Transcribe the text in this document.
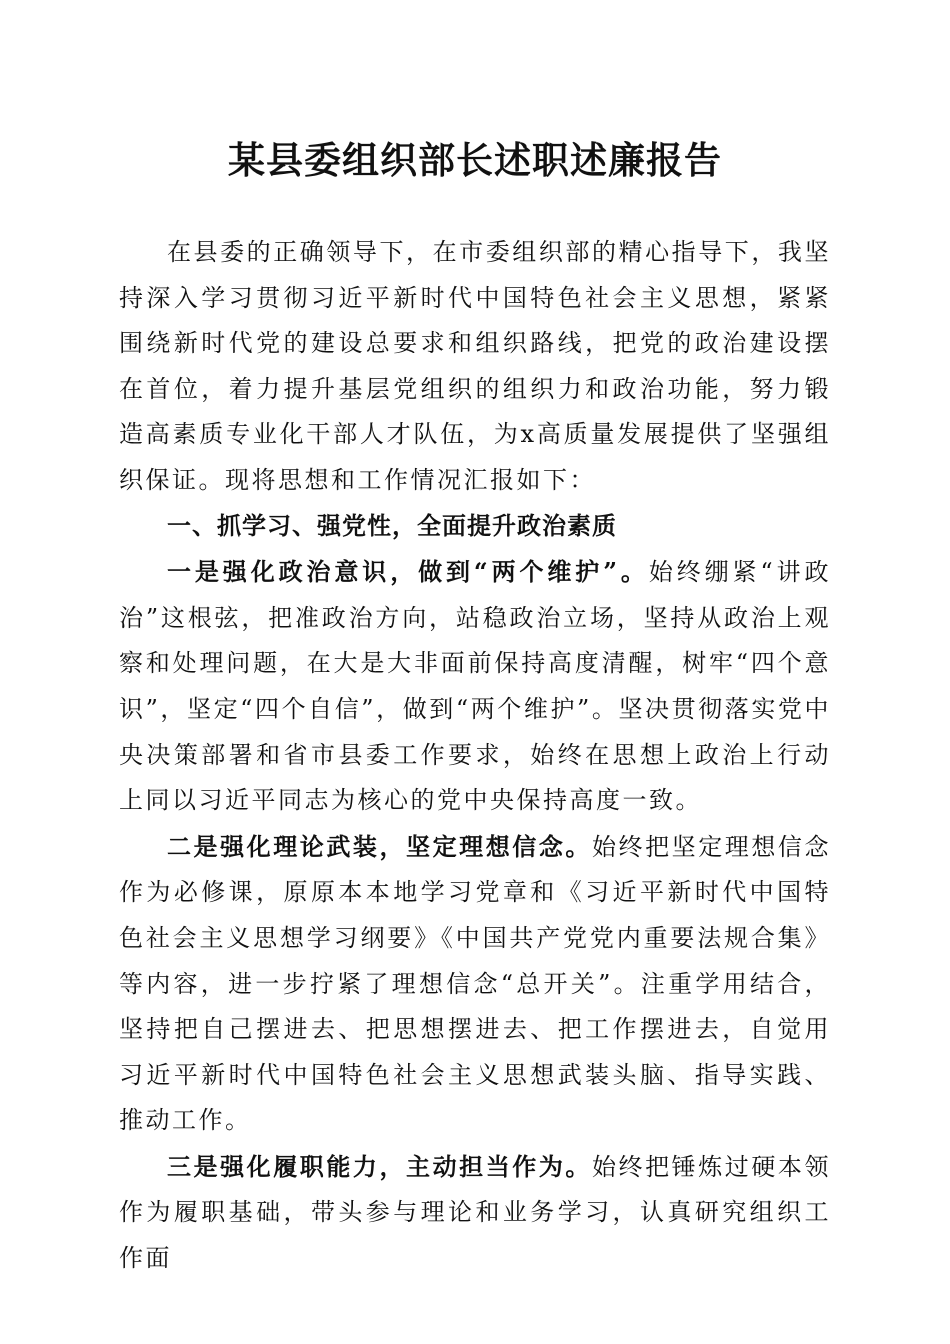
某县委组织部长述职述廉报告

在县委的正确领导下，在市委组织部的精心指导下，我坚持深入学习贯彻习近平新时代中国特色社会主义思想，紧紧围绕新时代党的建设总要求和组织路线，把党的政治建设摆在首位，着力提升基层党组织的组织力和政治功能，努力锻造高素质专业化干部人才队伍，为x高质量发展提供了坚强组织保证。现将思想和工作情况汇报如下：

一、抓学习、强党性，全面提升政治素质

一是强化政治意识，做到“两个维护”。始终绷紧“讲政治”这根弦，把准政治方向，站稳政治立场，坚持从政治上观察和处理问题，在大是大非面前保持高度清醒，树牢“四个意识”，坚定“四个自信”，做到“两个维护”。坚决贯彻落实党中央决策部署和省市县委工作要求，始终在思想上政治上行动上同以习近平同志为核心的党中央保持高度一致。

二是强化理论武装，坚定理想信念。始终把坚定理想信念作为必修课，原原本本地学习党章和《习近平新时代中国特色社会主义思想学习纲要》《中国共产党党内重要法规合集》等内容，进一步拧紧了理想信念“总开关”。注重学用结合，坚持把自己摆进去、把思想摆进去、把工作摆进去，自觉用习近平新时代中国特色社会主义思想武装头脑、指导实践、推动工作。

三是强化履职能力，主动担当作为。始终把锤炼过硬本领作为履职基础，带头参与理论和业务学习，认真研究组织工作面
